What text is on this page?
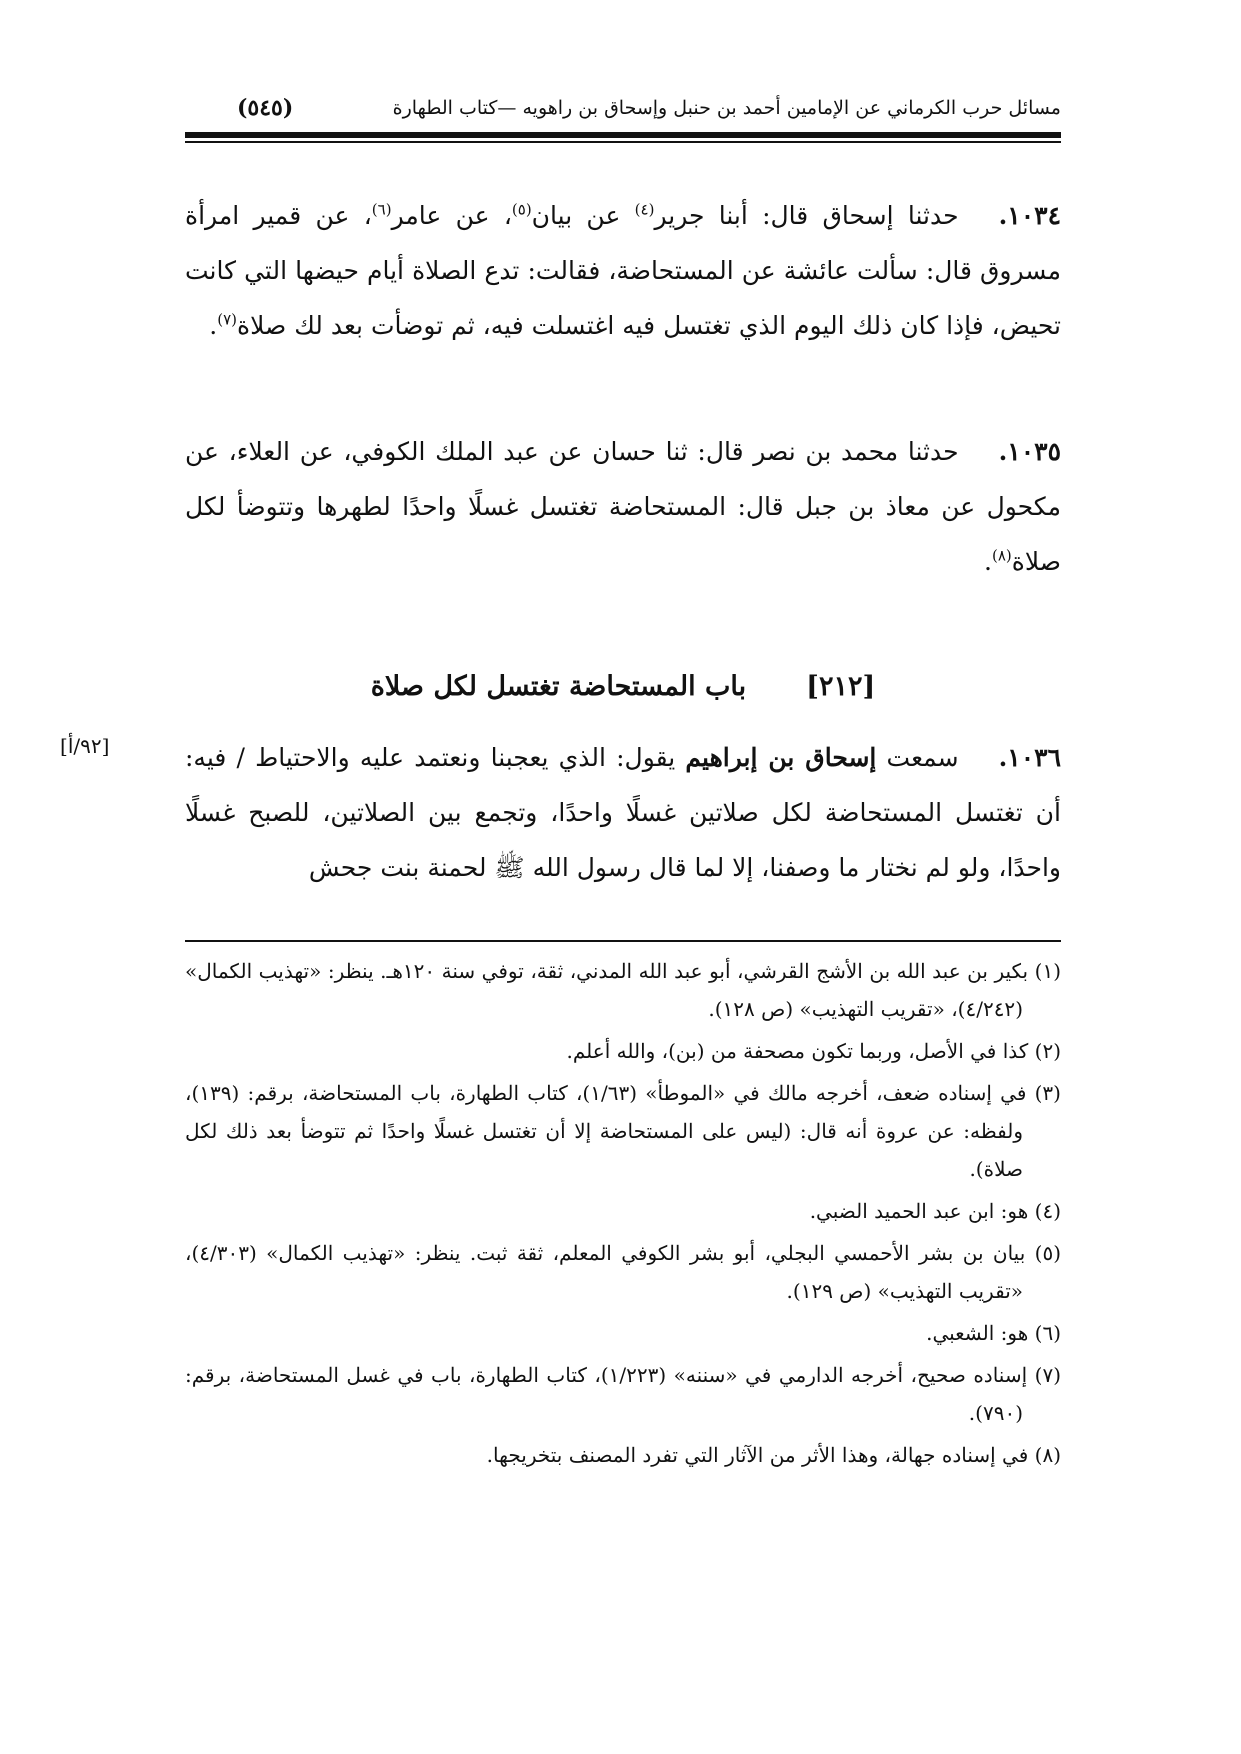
مسائل حرب الكرماني عن الإمامين أحمد بن حنبل وإسحاق بن راهويه —كتاب الطهارة
(٥٤٥)
١٠٣٤.حدثنا إسحاق قال: أبنا جرير$^{(٤)}$ عن بيان$^{(٥)}$، عن عامر$^{(٦)}$، عن قمير امرأة مسروق قال: سألت عائشة عن المستحاضة، فقالت: تدع الصلاة أيام حيضها التي كانت تحيض، فإذا كان ذلك اليوم الذي تغتسل فيه اغتسلت فيه، ثم توضأت بعد لك صلاة$^{(٧)}$.
١٠٣٥.حدثنا محمد بن نصر قال: ثنا حسان عن عبد الملك الكوفي، عن العلاء، عن مكحول عن معاذ بن جبل قال: المستحاضة تغتسل غسلًا واحدًا لطهرها وتتوضأ لكل صلاة$^{(٨)}$.
[٢١٢]باب المستحاضة تغتسل لكل صلاة
[٩٢/أ]	١٠٣٦.سمعت إسحاق بن إبراهيم يقول: الذي يعجبنا ونعتمد عليه والاحتياط / فيه: أن تغتسل المستحاضة لكل صلاتين غسلًا واحدًا، وتجمع بين الصلاتين، للصبح غسلًا واحدًا، ولو لم نختار ما وصفنا، إلا لما قال رسول الله ﷺ لحمنة بنت جحش

(١) بكير بن عبد الله بن الأشج القرشي، أبو عبد الله المدني، ثقة، توفي سنة ١٢٠هـ. ينظر: «تهذيب الكمال» (٤/٢٤٢)، «تقريب التهذيب» (ص ١٢٨).

(٢) كذا في الأصل، وربما تكون مصحفة من (بن)، والله أعلم.

(٣) في إسناده ضعف، أخرجه مالك في «الموطأ» (١/٦٣)، كتاب الطهارة، باب المستحاضة، برقم: (١٣٩)، ولفظه: عن عروة أنه قال: (ليس على المستحاضة إلا أن تغتسل غسلًا واحدًا ثم تتوضأ بعد ذلك لكل صلاة).

(٤) هو: ابن عبد الحميد الضبي.

(٥) بيان بن بشر الأحمسي البجلي، أبو بشر الكوفي المعلم، ثقة ثبت. ينظر: «تهذيب الكمال» (٤/٣٠٣)، «تقريب التهذيب» (ص ١٢٩).

(٦) هو: الشعبي.

(٧) إسناده صحيح، أخرجه الدارمي في «سننه» (١/٢٢٣)، كتاب الطهارة، باب في غسل المستحاضة، برقم: (٧٩٠).

(٨) في إسناده جهالة، وهذا الأثر من الآثار التي تفرد المصنف بتخريجها.
